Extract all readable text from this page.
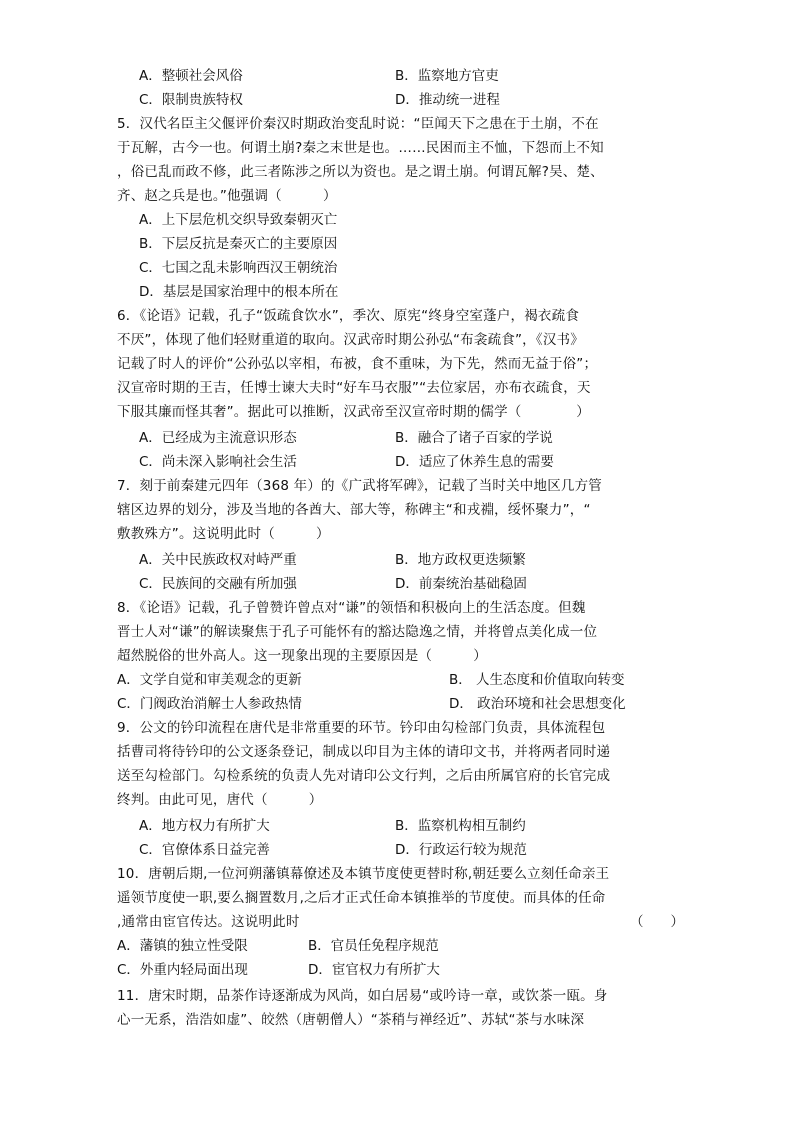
A．整顿社会风俗	B．监察地方官吏
C．限制贵族特权	D．推动统一进程
5．汉代名臣主父偃评价秦汉时期政治变乱时说：“臣闻天下之患在于土崩，不在
于瓦解，古今一也。何谓土崩?秦之末世是也。……民困而主不恤，下怨而上不知
，俗已乱而政不修，此三者陈涉之所以为资也。是之谓土崩。何谓瓦解?吴、楚、
齐、赵之兵是也。”他强调（　　　）
A．上下层危机交织导致秦朝灭亡
B．下层反抗是秦灭亡的主要原因
C．七国之乱未影响西汉王朝统治
D．基层是国家治理中的根本所在
6．《论语》记载，孔子“饭疏食饮水”，季次、原宪“终身空室蓬户，褐衣疏食
不厌”，体现了他们轻财重道的取向。汉武帝时期公孙弘“布衾疏食”，《汉书》
记载了时人的评价“公孙弘以宰相，布被，食不重味，为下先，然而无益于俗”；
汉宣帝时期的王吉，任博士谏大夫时“好车马衣服”“去位家居，亦布衣疏食，天
下服其廉而怪其奢”。据此可以推断，汉武帝至汉宣帝时期的儒学（　　　　）
A．已经成为主流意识形态	B．融合了诸子百家的学说
C．尚未深入影响社会生活	D．适应了休养生息的需要
7．刻于前秦建元四年（368 年）的《广武将军碑》，记载了当时关中地区几方管
辖区边界的划分，涉及当地的各酋大、部大等，称碑主“和戎䄗，绥怀聚力”，“
敷教殊方”。这说明此时（　　　）
A．关中民族政权对峙严重	B．地方政权更迭频繁
C．民族间的交融有所加强	D．前秦统治基础稳固
8．《论语》记载，孔子曾赞许曾点对“谦”的领悟和积极向上的生活态度。但魏
晋士人对“谦”的解读聚焦于孔子可能怀有的豁达隐逸之情，并将曾点美化成一位
超然脱俗的世外高人。这一现象出现的主要原因是（　　　）
A．文学自觉和审美观念的更新	B． 人生态度和价值取向转变
C．门阀政治消解士人参政热情	D． 政治环境和社会思想变化
9．公文的钤印流程在唐代是非常重要的环节。钤印由勾检部门负责，具体流程包
括曹司将待钤印的公文逐条登记，制成以印目为主体的请印文书，并将两者同时递
送至勾检部门。勾检系统的负责人先对请印公文行判，之后由所属官府的长官完成
终判。由此可见，唐代（　　　）
A．地方权力有所扩大	B．监察机构相互制约
C．官僚体系日益完善	D．行政运行较为规范
10．唐朝后期,一位河朔藩镇幕僚述及本镇节度使更替时称,朝廷要么立刻任命亲王
遥领节度使一职,要么搁置数月,之后才正式任命本镇推举的节度使。而具体的任命
,通常由宦官传达。这说明此时	（　　）
A．藩镇的独立性受限	B．官员任免程序规范
C．外重内轻局面出现	D．宦官权力有所扩大
11．唐宋时期，品茶作诗逐渐成为风尚，如白居易“或吟诗一章，或饮茶一瓯。身
心一无系，浩浩如虚”、皎然（唐朝僧人）“茶稍与禅经近”、苏轼“茶与水味深
